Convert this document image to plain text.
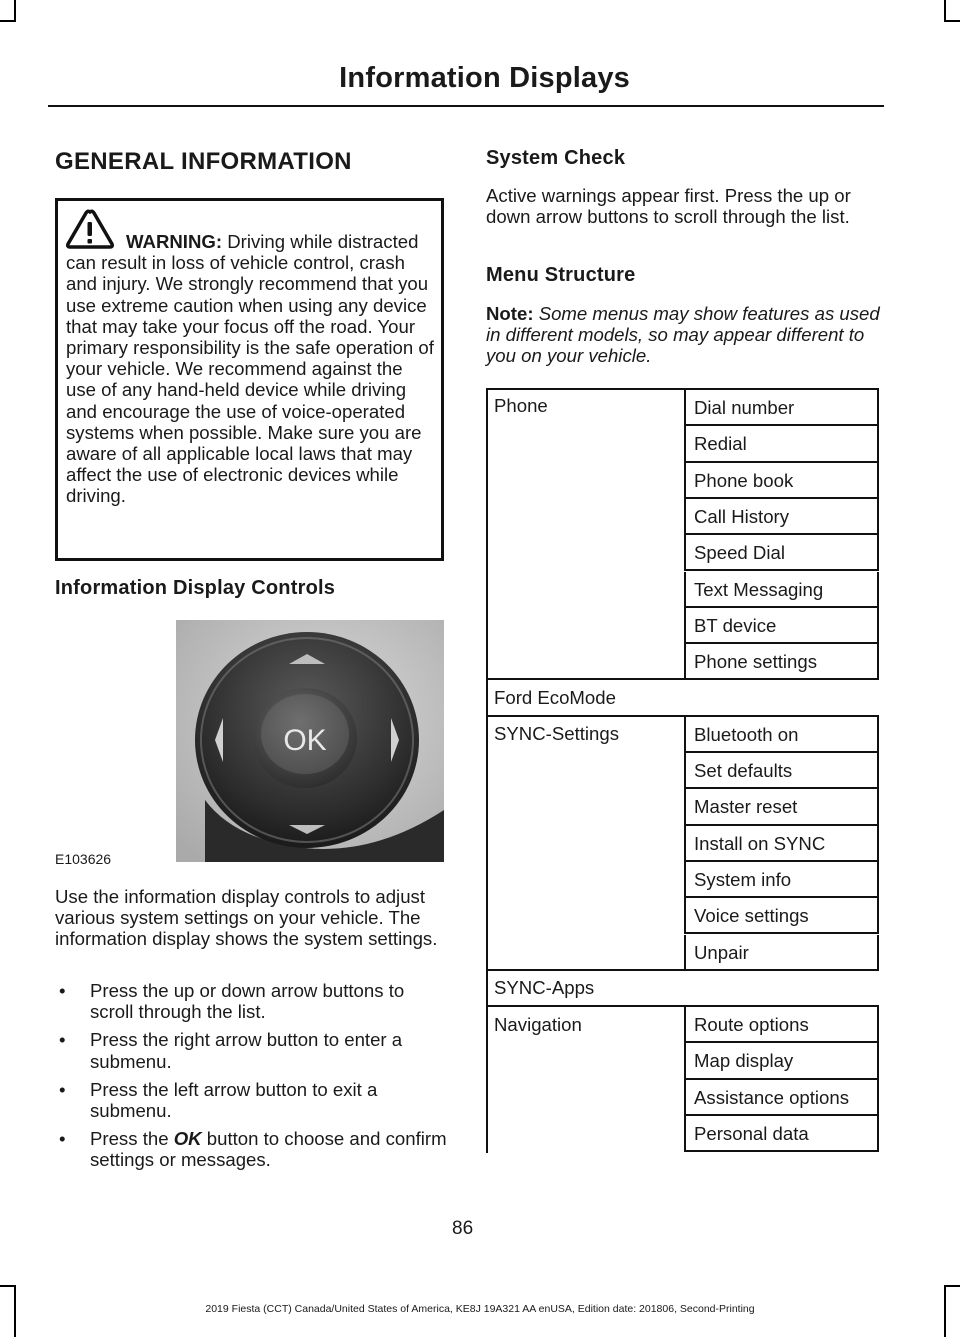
Information Displays
GENERAL INFORMATION
WARNING: Driving while distracted can result in loss of vehicle control, crash and injury. We strongly recommend that you use extreme caution when using any device that may take your focus off the road. Your primary responsibility is the safe operation of your vehicle. We recommend against the use of any hand-held device while driving and encourage the use of voice-operated systems when possible. Make sure you are aware of all applicable local laws that may affect the use of electronic devices while driving.
Information Display Controls
OK
E103626
Use the information display controls to adjust various system settings on your vehicle. The information display shows the system settings.
• Press the up or down arrow buttons to scroll through the list.
• Press the right arrow button to enter a submenu.
• Press the left arrow button to exit a submenu.
• Press the OK button to choose and confirm settings or messages.
System Check
Active warnings appear first. Press the up or down arrow buttons to scroll through the list.
Menu Structure
Note: Some menus may show features as used in different models, so may appear different to you on your vehicle.
Phone	Dial number
Redial
Phone book
Call History
Speed Dial
Text Messaging
BT device
Phone settings
Ford EcoMode
SYNC-Settings	Bluetooth on
Set defaults
Master reset
Install on SYNC
System info
Voice settings
Unpair
SYNC-Apps
Navigation	Route options
Map display
Assistance options
Personal data
86
2019 Fiesta (CCT) Canada/United States of America, KE8J 19A321 AA enUSA, Edition date: 201806, Second-Printing
